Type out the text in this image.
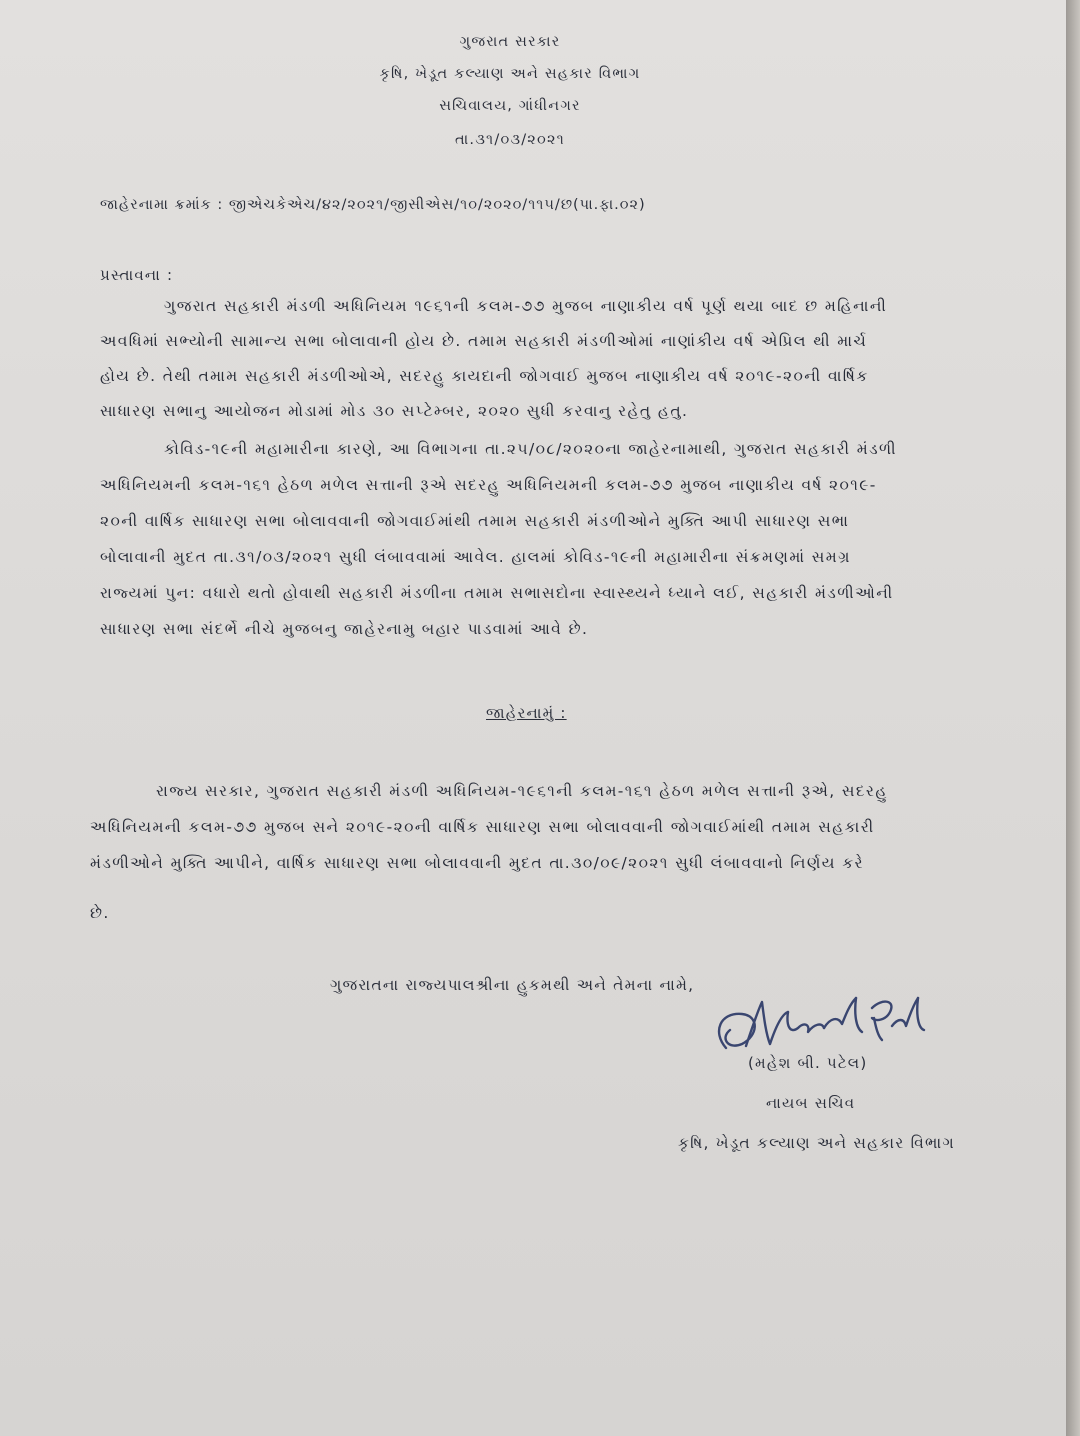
ગુજરાત સરકાર

કૃષિ, ખેડૂત કલ્યાણ અને સહકાર વિભાગ

સચિવાલય, ગાંધીનગર

તા.૩૧/૦૩/૨૦૨૧

જાહેરનામા ક્રમાંક : જીએચકેએચ/૪૨/૨૦૨૧/જીસીએસ/૧૦/૨૦૨૦/૧૧૫/છ(પા.ફા.૦૨)

પ્રસ્તાવના :

ગુજરાત સહકારી મંડળી અધિનિયમ ૧૯૬૧ની કલમ-૭૭ મુજબ નાણાકીય વર્ષ પૂર્ણ થયા બાદ છ મહિનાની

અવધિમાં સભ્યોની સામાન્ય સભા બોલાવાની હોય છે. તમામ સહકારી મંડળીઓમાં નાણાંકીય વર્ષ એપ્રિલ થી માર્ચ

હોય છે. તેથી તમામ સહકારી મંડળીઓએ, સદરહુ કાયદાની જોગવાઈ મુજબ નાણાકીય વર્ષ ૨૦૧૯-૨૦ની વાર્ષિક

સાધારણ સભાનુ આયોજન મોડામાં મોડ ૩૦ સપ્ટેમ્બર, ૨૦૨૦ સુધી કરવાનુ રહેતુ હતુ.

કોવિડ-૧૯ની મહામારીના કારણે, આ વિભાગના તા.૨૫/૦૮/૨૦૨૦ના જાહેરનામાથી, ગુજરાત સહકારી મંડળી

અધિનિયમની કલમ-૧૬૧ હેઠળ મળેલ સત્તાની રૂએ સદરહુ અધિનિયમની કલમ-૭૭ મુજબ નાણાકીય વર્ષ ૨૦૧૯-

૨૦ની વાર્ષિક સાધારણ સભા બોલાવવાની જોગવાઈમાંથી તમામ સહકારી મંડળીઓને મુક્તિ આપી સાધારણ સભા

બોલાવાની મુદત તા.૩૧/૦૩/૨૦૨૧ સુધી લંબાવવામાં આવેલ. હાલમાં કોવિડ-૧૯ની મહામારીના સંક્રમણમાં સમગ્ર

રાજ્યમાં પુન: વધારો થતો હોવાથી સહકારી મંડળીના તમામ સભાસદોના સ્વાસ્થ્યને ધ્યાને લઈ, સહકારી મંડળીઓની

સાધારણ સભા સંદર્ભે નીચે મુજબનુ જાહેરનામુ બહાર પાડવામાં આવે છે.

જાહેરનામું :

રાજ્ય સરકાર, ગુજરાત સહકારી મંડળી અધિનિયમ-૧૯૬૧ની કલમ-૧૬૧ હેઠળ મળેલ સત્તાની રૂએ, સદરહુ

અધિનિયમની કલમ-૭૭ મુજબ સને ૨૦૧૯-૨૦ની વાર્ષિક સાધારણ સભા બોલાવવાની જોગવાઈમાંથી તમામ સહકારી

મંડળીઓને મુક્તિ આપીને, વાર્ષિક સાધારણ સભા બોલાવવાની મુદત તા.૩૦/૦૯/૨૦૨૧ સુધી લંબાવવાનો નિર્ણય કરે

છે.

ગુજરાતના રાજ્યપાલશ્રીના હુકમથી અને તેમના નામે,

(મહેશ બી. પટેલ)

નાયબ સચિવ

કૃષિ, ખેડૂત કલ્યાણ અને સહકાર વિભાગ
